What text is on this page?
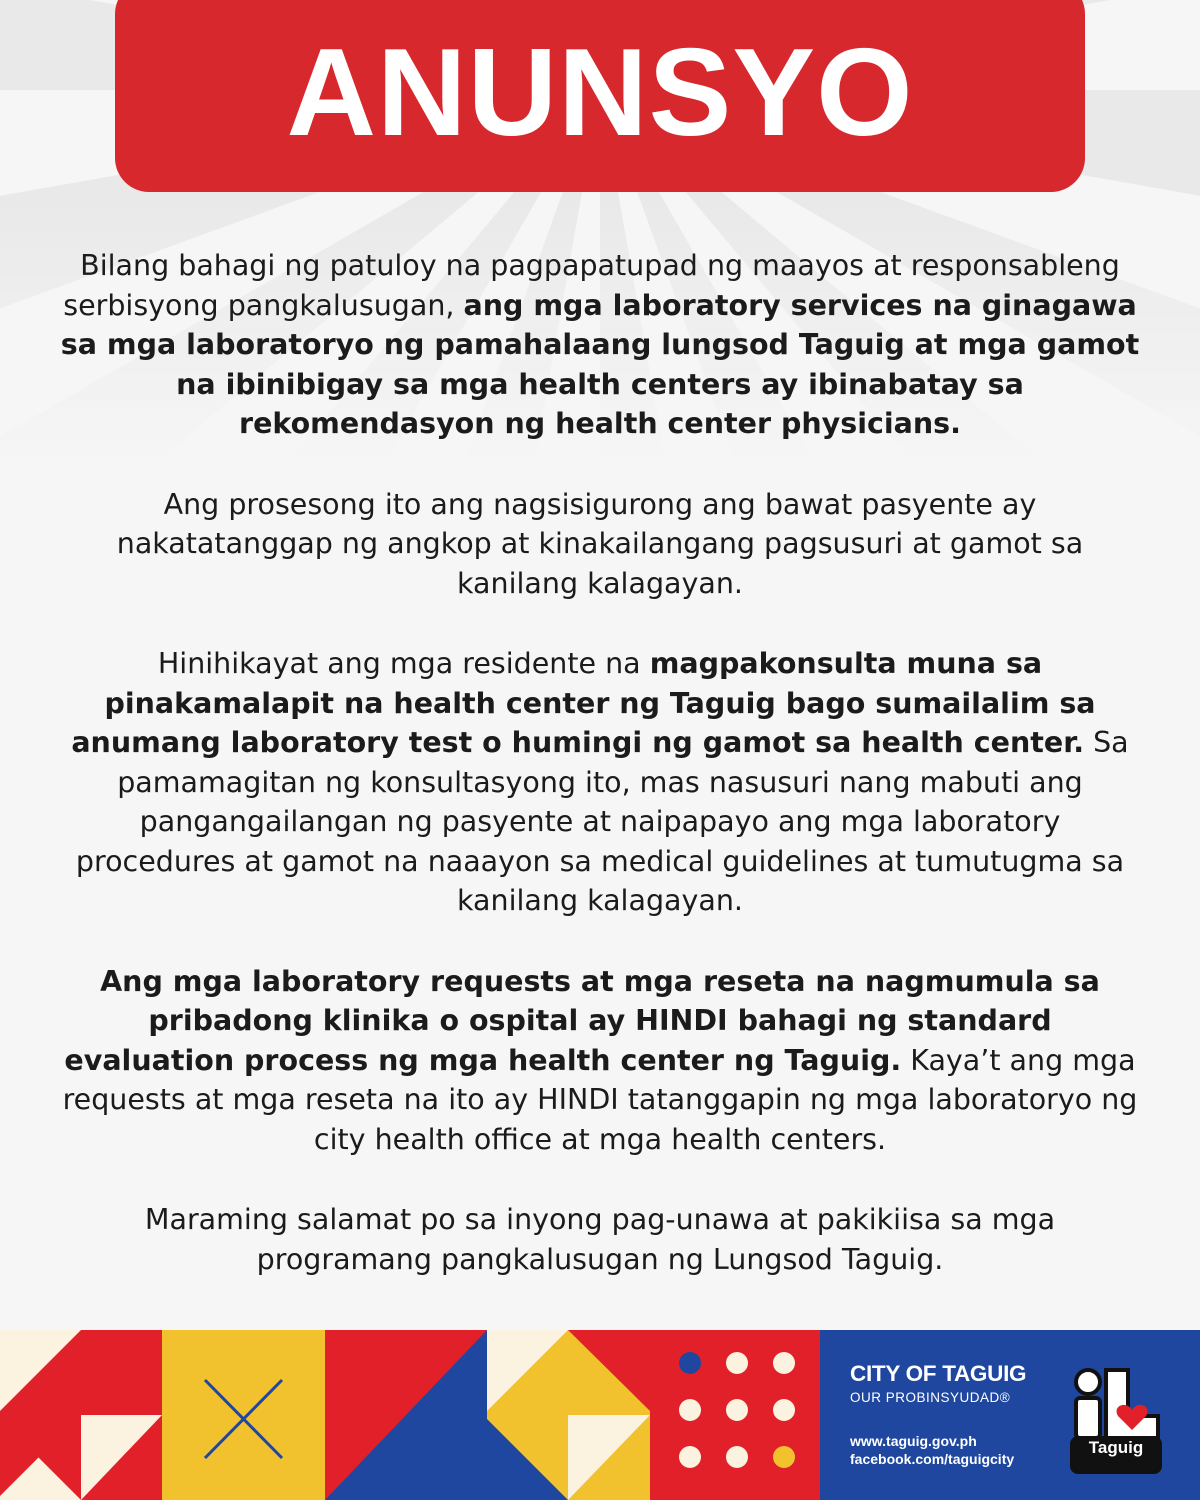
ANUNSYO

Bilang bahagi ng patuloy na pagpapatupad ng maayos at responsableng serbisyong pangkalusugan, ang mga laboratory services na ginagawa sa mga laboratoryo ng pamahalaang lungsod Taguig at mga gamot na ibinibigay sa mga health centers ay ibinabatay sa rekomendasyon ng health center physicians.

Ang prosesong ito ang nagsisigurong ang bawat pasyente ay nakatatanggap ng angkop at kinakailangang pagsusuri at gamot sa kanilang kalagayan.

Hinihikayat ang mga residente na magpakonsulta muna sa pinakamalapit na health center ng Taguig bago sumailalim sa anumang laboratory test o humingi ng gamot sa health center. Sa pamamagitan ng konsultasyong ito, mas nasusuri nang mabuti ang pangangailangan ng pasyente at naipapayo ang mga laboratory procedures at gamot na naaayon sa medical guidelines at tumutugma sa kanilang kalagayan.

Ang mga laboratory requests at mga reseta na nagmumula sa pribadong klinika o ospital ay HINDI bahagi ng standard evaluation process ng mga health center ng Taguig. Kaya’t ang mga requests at mga reseta na ito ay HINDI tatanggapin ng mga laboratoryo ng city health office at mga health centers.

Maraming salamat po sa inyong pag-unawa at pakikiisa sa mga programang pangkalusugan ng Lungsod Taguig.

CITY OF TAGUIG
OUR PROBINSYUDAD®
www.taguig.gov.ph
facebook.com/taguigcity
Taguig
